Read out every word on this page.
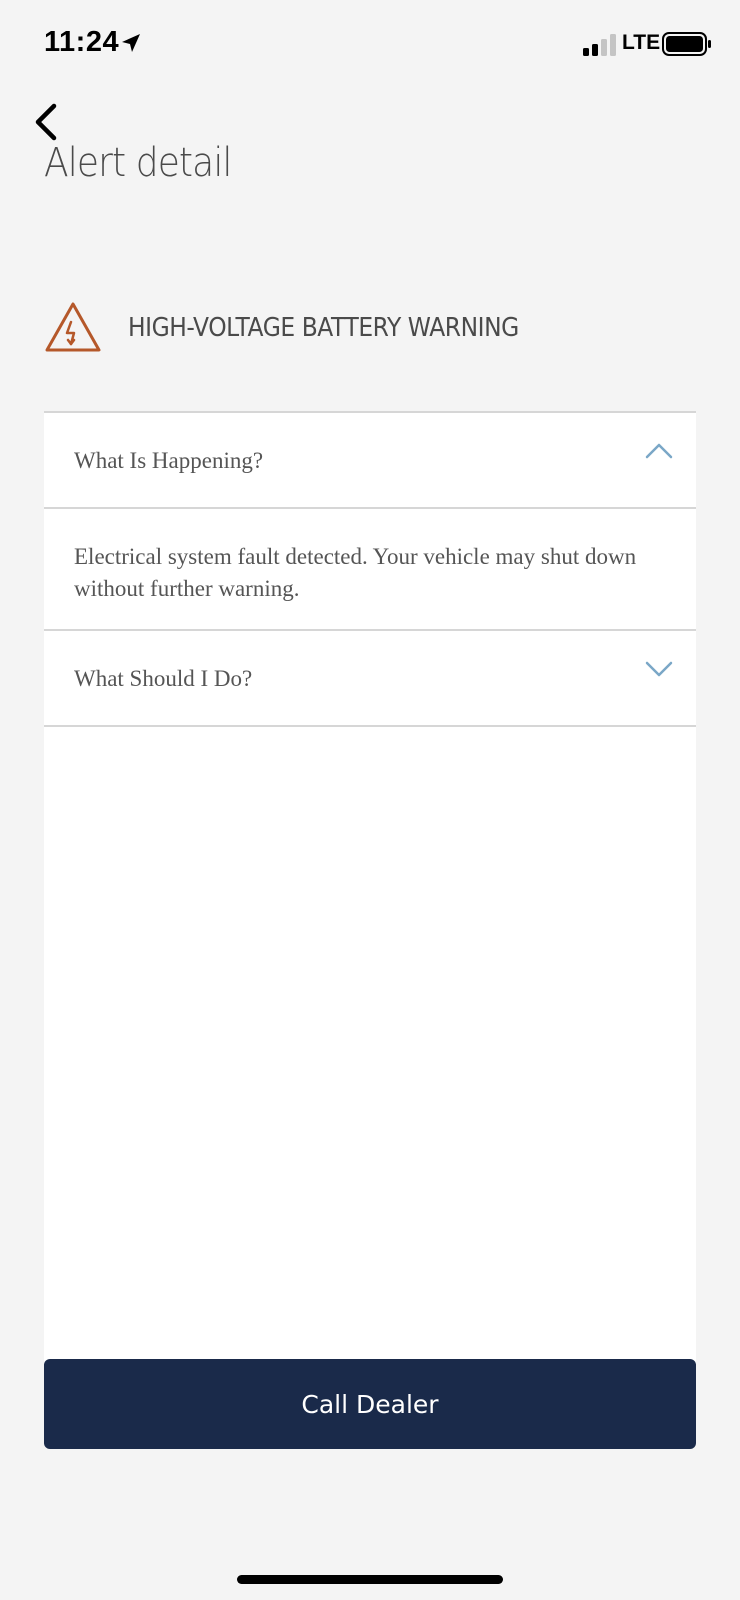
11:24	LTE
Alert detail
HIGH-VOLTAGE BATTERY WARNING
What Is Happening?
Electrical system fault detected. Your vehicle may shut down without further warning.
What Should I Do?
Call Dealer
